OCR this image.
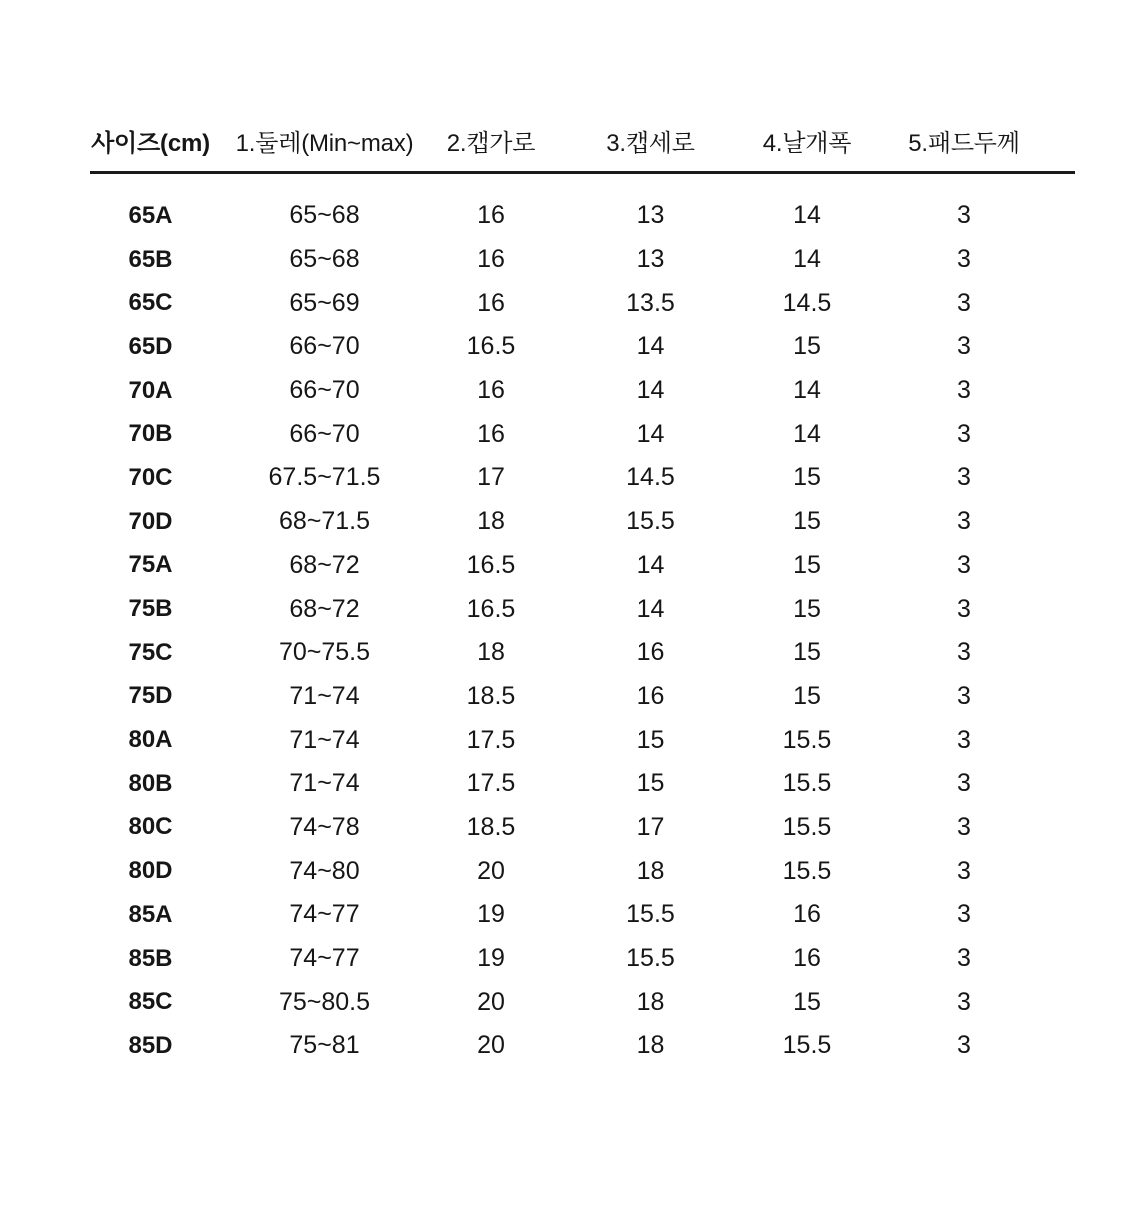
사이즈(cm)	1.둘레(Min~max)	2.캡가로	3.캡세로	4.날개폭	5.패드두께
65A	65~68	16	13	14	3
65B	65~68	16	13	14	3
65C	65~69	16	13.5	14.5	3
65D	66~70	16.5	14	15	3
70A	66~70	16	14	14	3
70B	66~70	16	14	14	3
70C	67.5~71.5	17	14.5	15	3
70D	68~71.5	18	15.5	15	3
75A	68~72	16.5	14	15	3
75B	68~72	16.5	14	15	3
75C	70~75.5	18	16	15	3
75D	71~74	18.5	16	15	3
80A	71~74	17.5	15	15.5	3
80B	71~74	17.5	15	15.5	3
80C	74~78	18.5	17	15.5	3
80D	74~80	20	18	15.5	3
85A	74~77	19	15.5	16	3
85B	74~77	19	15.5	16	3
85C	75~80.5	20	18	15	3
85D	75~81	20	18	15.5	3
